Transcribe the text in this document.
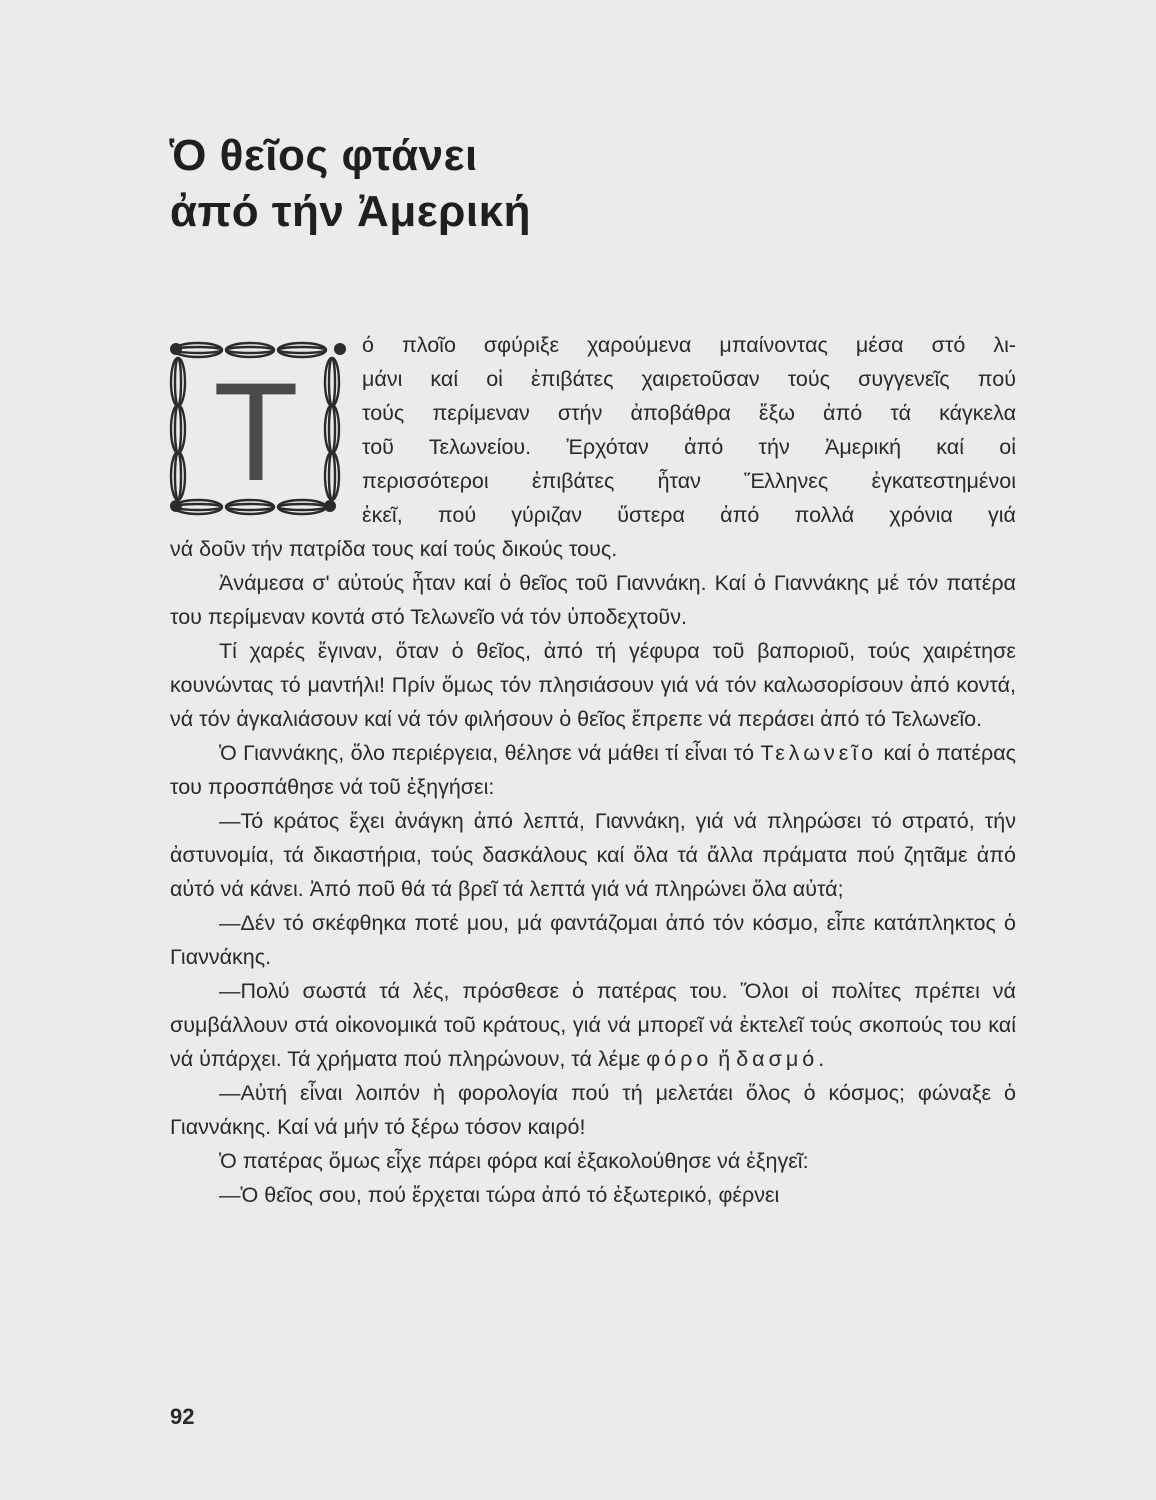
Ὁ θεῖος φτάνει
ἀπό τήν Ἀμερική
Τ
ό πλοῖο σφύριξε χαρούμενα μπαίνοντας μέσα στό λι-
μάνι καί οἱ ἐπιβάτες χαιρετοῦσαν τούς συγγενεῖς πού
τούς περίμεναν στήν ἀποβάθρα ἔξω ἀπό τά κάγκελα
τοῦ Τελωνείου. Ἐρχόταν ἀπό τήν Ἀμερική καί οἱ
περισσότεροι ἐπιβάτες ἦταν Ἕλληνες ἐγκατεστημένοι
ἐκεῖ, πού γύριζαν ὕστερα ἀπό πολλά χρόνια γιά
νά δοῦν τήν πατρίδα τους καί τούς δικούς τους.

Ἀνάμεσα σ' αὐτούς ἦταν καί ὁ θεῖος τοῦ Γιαννάκη. Καί ὁ Γιαννάκης μέ τόν πατέρα του περίμεναν κοντά στό Τελωνεῖο νά τόν ὑποδεχτοῦν.

Τί χαρές ἔγιναν, ὅταν ὁ θεῖος, ἀπό τή γέφυρα τοῦ βαποριοῦ, τούς χαιρέτησε κουνώντας τό μαντήλι! Πρίν ὅμως τόν πλησιάσουν γιά νά τόν καλωσορίσουν ἀπό κοντά, νά τόν ἀγκαλιάσουν καί νά τόν φιλήσουν ὁ θεῖος ἔπρεπε νά περάσει ἀπό τό Τελωνεῖο.

Ὁ Γιαννάκης, ὅλο περιέργεια, θέλησε νά μάθει τί εἶναι τό Τελωνεῖο καί ὁ πατέρας του προσπάθησε νά τοῦ ἐξηγήσει:

—Τό κράτος ἔχει ἀνάγκη ἀπό λεπτά, Γιαννάκη, γιά νά πληρώσει τό στρατό, τήν ἀστυνομία, τά δικαστήρια, τούς δασκάλους καί ὅλα τά ἄλλα πράματα πού ζητᾶμε ἀπό αὐτό νά κάνει. Ἀπό ποῦ θά τά βρεῖ τά λεπτά γιά νά πληρώνει ὅλα αὐτά;

—Δέν τό σκέφθηκα ποτέ μου, μά φαντάζομαι ἀπό τόν κόσμο, εἶπε κατάπληκτος ὁ Γιαννάκης.

—Πολύ σωστά τά λές, πρόσθεσε ὁ πατέρας του. Ὅλοι οἱ πολίτες πρέπει νά συμβάλλουν στά οἰκονομικά τοῦ κράτους, γιά νά μπορεῖ νά ἐκτελεῖ τούς σκοπούς του καί νά ὑπάρχει. Τά χρήματα πού πληρώνουν, τά λέμε φόρο ἤ δασμό.

—Αὐτή εἶναι λοιπόν ἡ φορολογία πού τή μελετάει ὅλος ὁ κόσμος; φώναξε ὁ Γιαννάκης. Καί νά μήν τό ξέρω τόσον καιρό!

Ὁ πατέρας ὅμως εἶχε πάρει φόρα καί ἐξακολούθησε νά ἐξηγεῖ:

—Ὁ θεῖος σου, πού ἔρχεται τώρα ἀπό τό ἐξωτερικό, φέρνει

92
